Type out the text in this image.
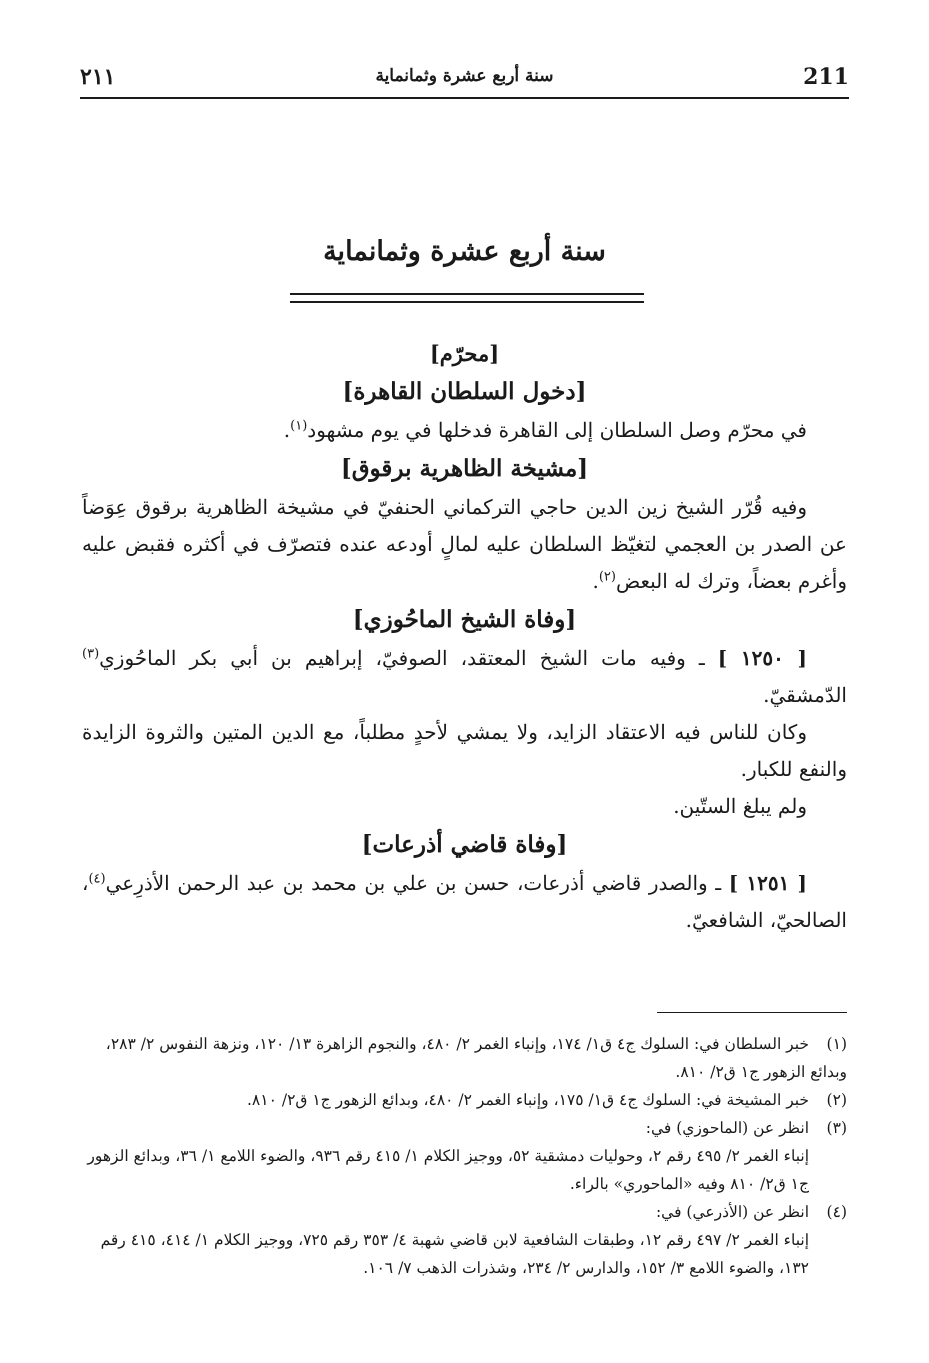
٢١١	سنة أربع عشرة وثمانماية	211
سنة أربع عشرة وثمانماية

[محرّم]

[دخول السلطان القاهرة]

في محرّم وصل السلطان إلى القاهرة فدخلها في يوم مشهود$^{(١)}$.

[مشيخة الظاهرية برقوق]

وفيه قُرّر الشيخ زين الدين حاجي التركماني الحنفيّ في مشيخة الظاهرية برقوق عِوَضاً عن الصدر بن العجمي لتغيّظ السلطان عليه لمالٍ أودعه عنده فتصرّف في أكثره فقبض عليه وأغرم بعضاً، وترك له البعض$^{(٢)}$.

[وفاة الشيخ الماحُوزي]

[ ١٢٥٠ ] ـ وفيه مات الشيخ المعتقد، الصوفيّ، إبراهيم بن أبي بكر الماحُوزي$^{(٣)}$ الدّمشقيّ.

وكان للناس فيه الاعتقاد الزايد، ولا يمشي لأحدٍ مطلباً، مع الدين المتين والثروة الزايدة والنفع للكبار.

ولم يبلغ الستّين.

[وفاة قاضي أذرعات]

[ ١٢٥١ ] ـ والصدر قاضي أذرعات، حسن بن علي بن محمد بن عبد الرحمن الأذرِعي$^{(٤)}$، الصالحيّ، الشافعيّ.

(١)خبر السلطان في: السلوك ج٤ ق١/ ١٧٤، وإنباء الغمر ٢/ ٤٨٠، والنجوم الزاهرة ١٣/ ١٢٠، ونزهة النفوس ٢/ ٢٨٣، وبدائع الزهور ج١ ق٢/ ٨١٠.

(٢)خبر المشيخة في: السلوك ج٤ ق١/ ١٧٥، وإنباء الغمر ٢/ ٤٨٠، وبدائع الزهور ج١ ق٢/ ٨١٠.

(٣)انظر عن (الماحوزي) في:

إنباء الغمر ٢/ ٤٩٥ رقم ٢، وحوليات دمشقية ٥٢، ووجيز الكلام ١/ ٤١٥ رقم ٩٣٦، والضوء اللامع ١/ ٣٦، وبدائع الزهور ج١ ق٢/ ٨١٠ وفيه «الماحوري» بالراء.

(٤)انظر عن (الأذرعي) في:

إنباء الغمر ٢/ ٤٩٧ رقم ١٢، وطبقات الشافعية لابن قاضي شهبة ٤/ ٣٥٣ رقم ٧٢٥، ووجيز الكلام ١/ ٤١٤، ٤١٥ رقم ١٣٢، والضوء اللامع ٣/ ١٥٢، والدارس ٢/ ٢٣٤، وشذرات الذهب ٧/ ١٠٦.
